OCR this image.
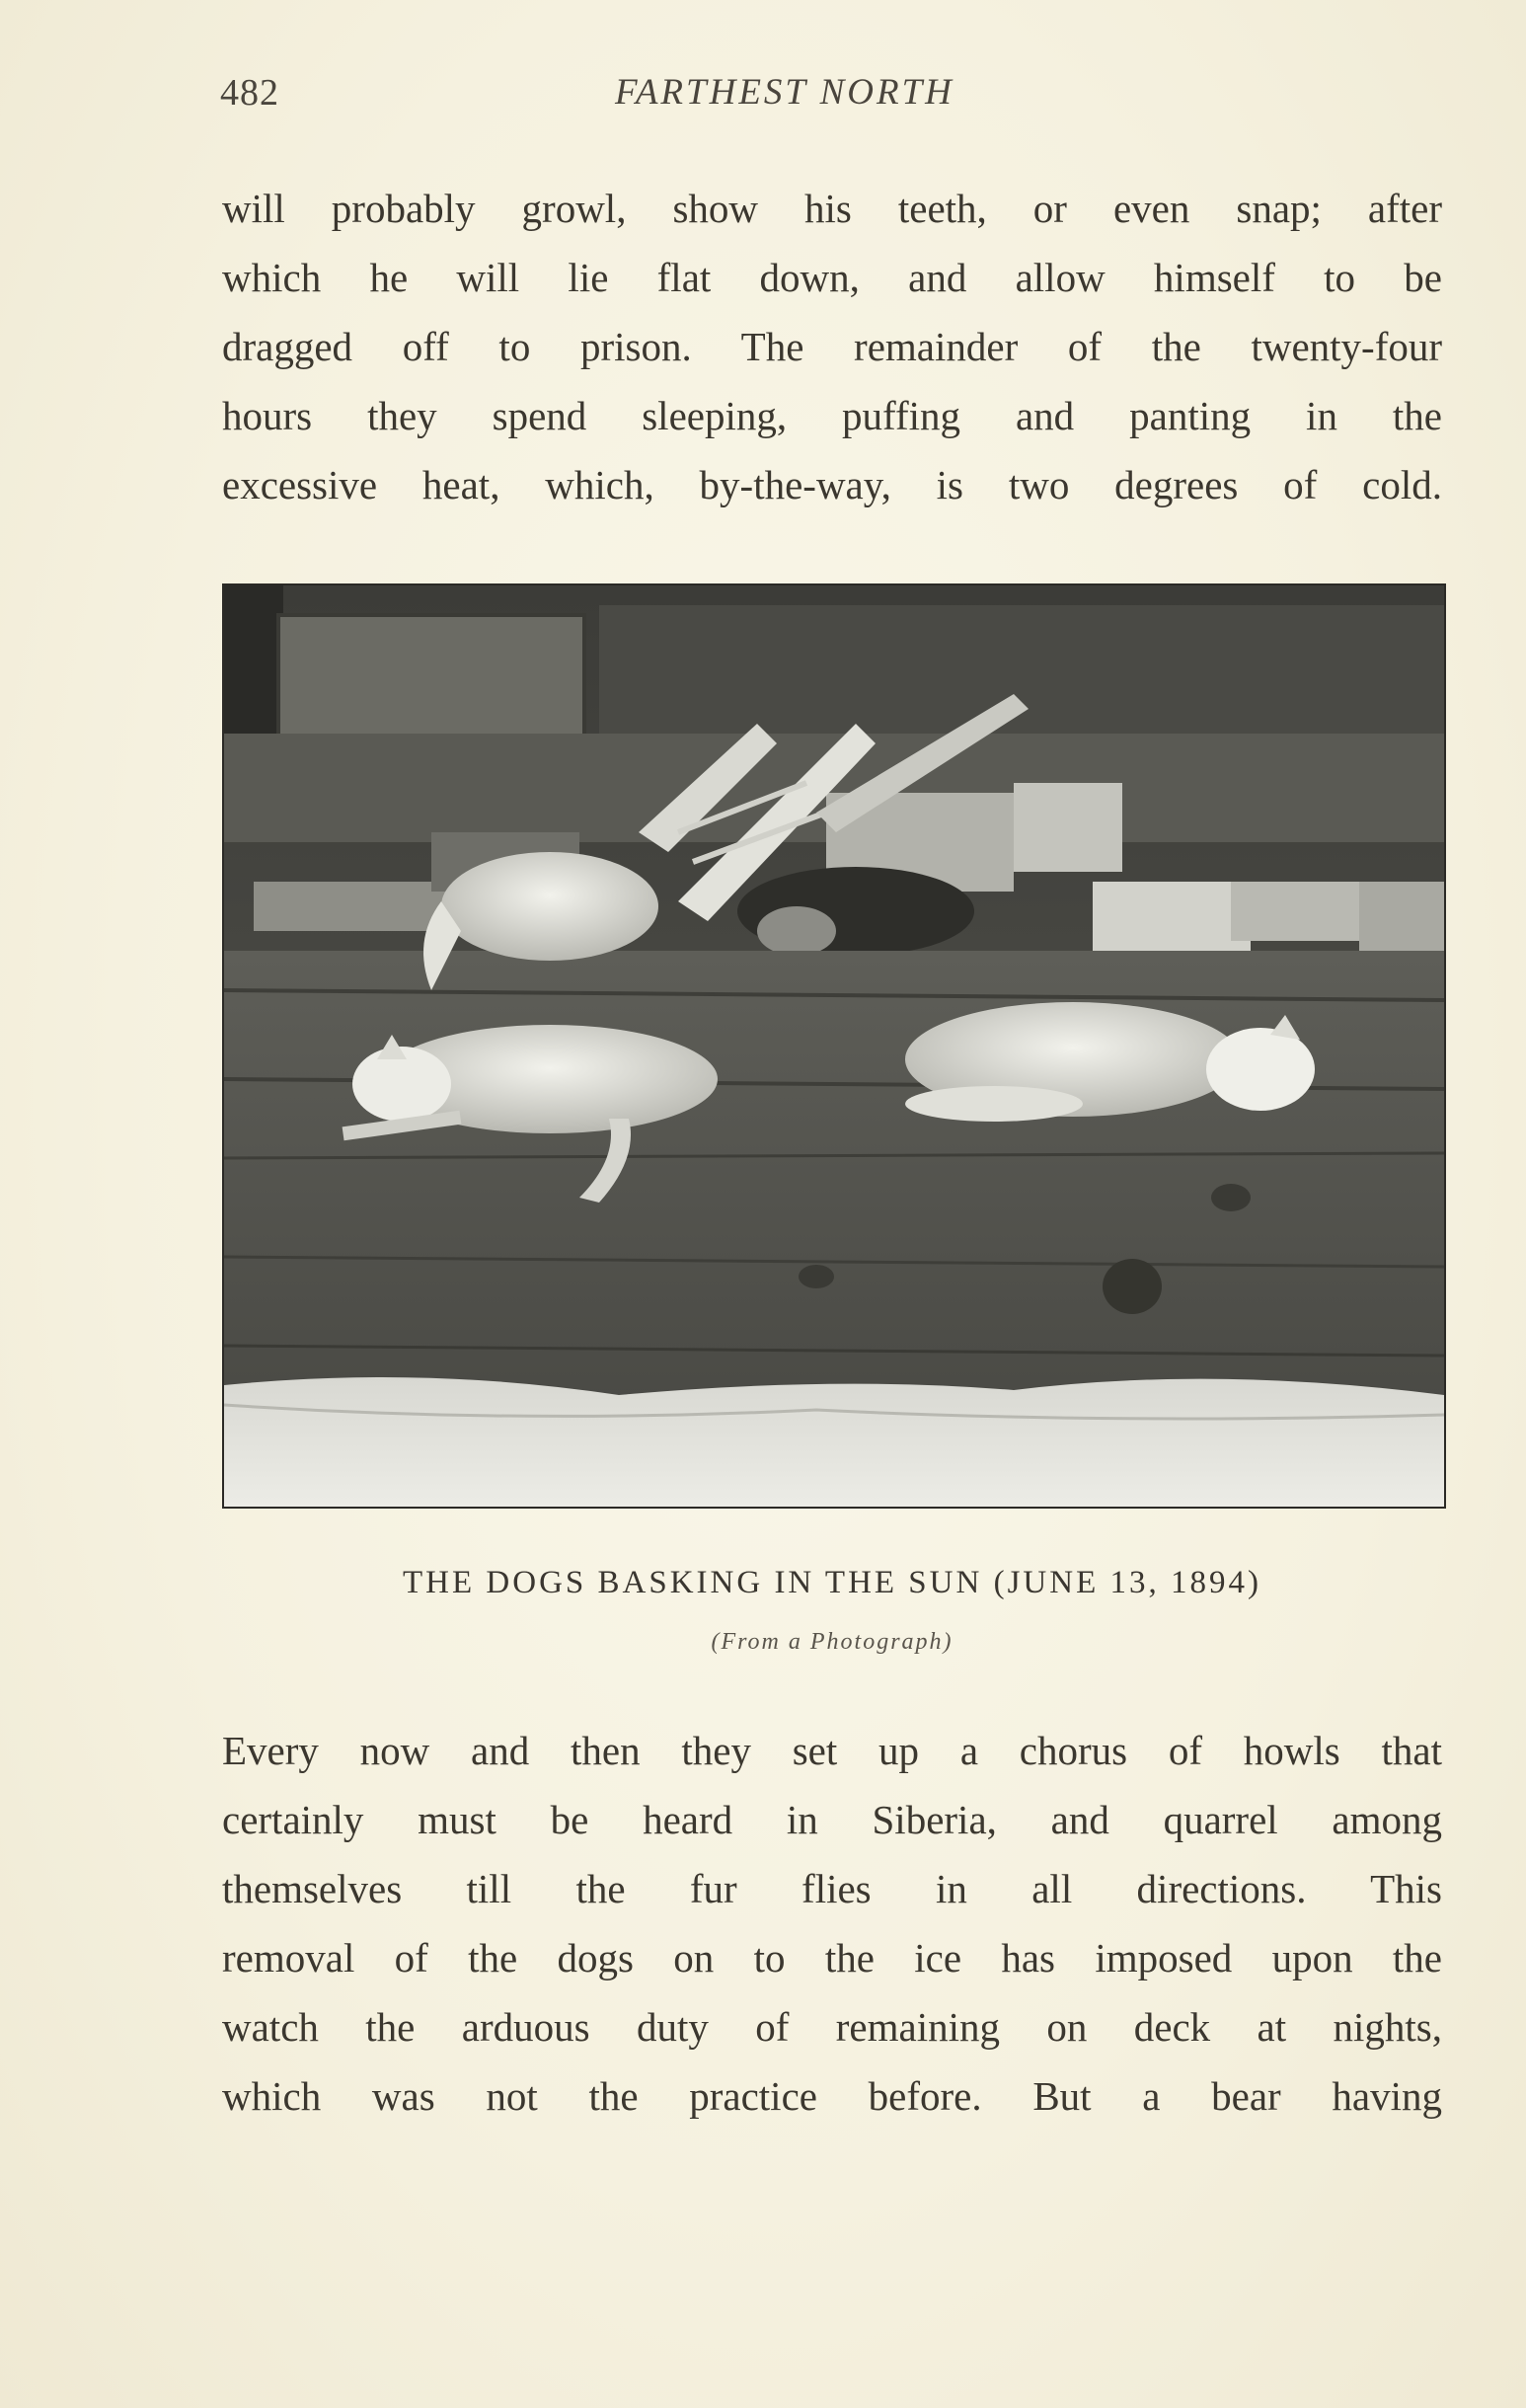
482	FARTHEST NORTH

will probably growl, show his teeth, or even snap; after

which he will lie flat down, and allow himself to be

dragged off to prison. The remainder of the twenty-four

hours they spend sleeping, puffing and panting in the

excessive heat, which, by-the-way, is two degrees of cold.

THE DOGS BASKING IN THE SUN (JUNE 13, 1894)
(From a Photograph)

Every now and then they set up a chorus of howls that

certainly must be heard in Siberia, and quarrel among

themselves till the fur flies in all directions. This

removal of the dogs on to the ice has imposed upon the

watch the arduous duty of remaining on deck at nights,

which was not the practice before. But a bear having
